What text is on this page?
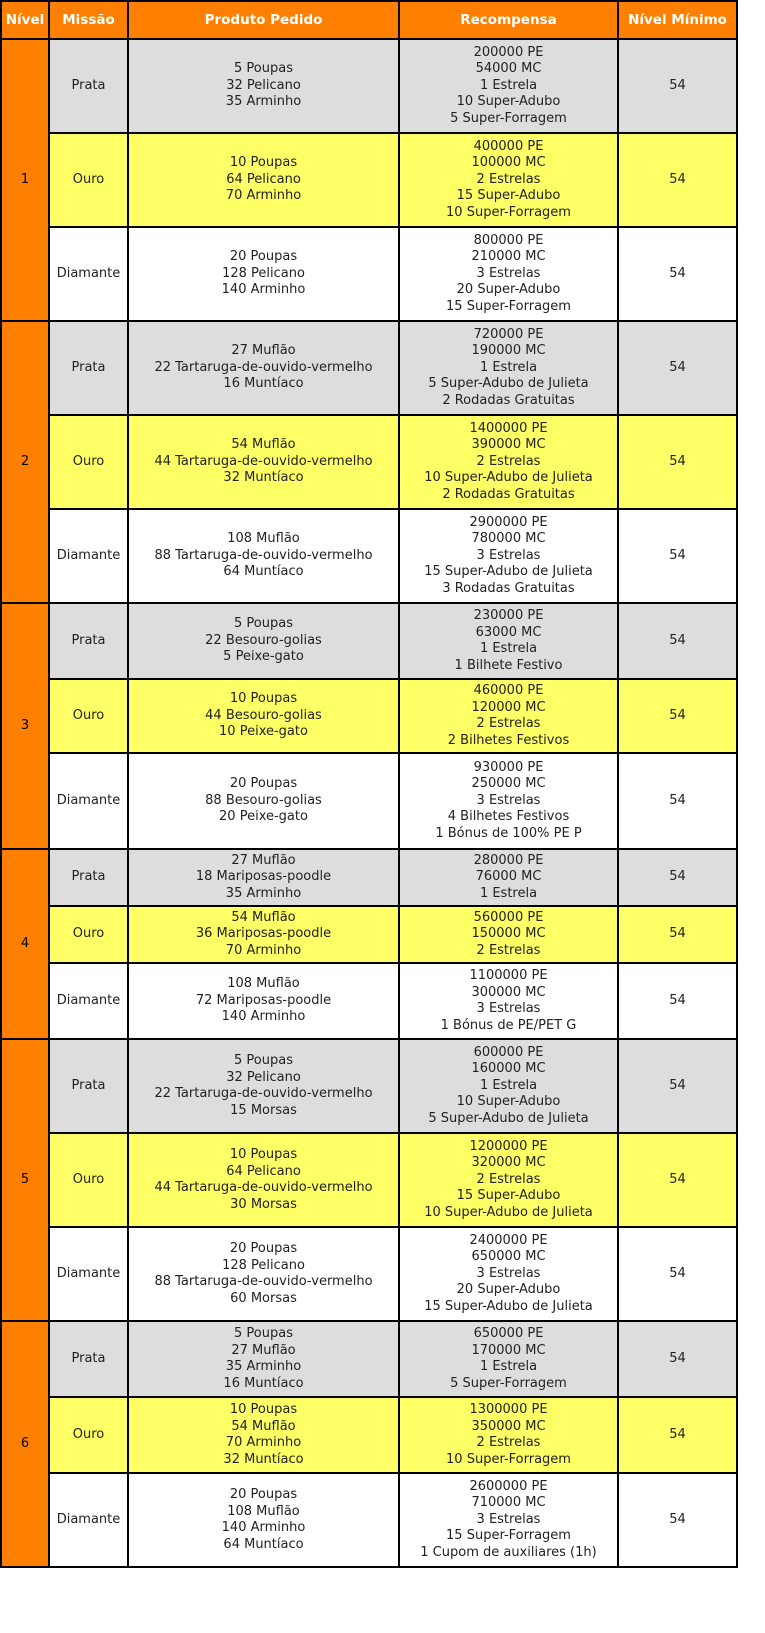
Nível	Missão	Produto Pedido	Recompensa	Nível Mínimo
1	Prata	5 Poupas
32 Pelicano
35 Arminho	200000 PE
54000 MC
1 Estrela
10 Super-Adubo
5 Super-Forragem	54
	Ouro	10 Poupas
64 Pelicano
70 Arminho	400000 PE
100000 MC
2 Estrelas
15 Super-Adubo
10 Super-Forragem	54
	Diamante	20 Poupas
128 Pelicano
140 Arminho	800000 PE
210000 MC
3 Estrelas
20 Super-Adubo
15 Super-Forragem	54
2	Prata	27 Muflão
22 Tartaruga-de-ouvido-vermelho
16 Muntíaco	720000 PE
190000 MC
1 Estrela
5 Super-Adubo de Julieta
2 Rodadas Gratuitas	54
	Ouro	54 Muflão
44 Tartaruga-de-ouvido-vermelho
32 Muntíaco	1400000 PE
390000 MC
2 Estrelas
10 Super-Adubo de Julieta
2 Rodadas Gratuitas	54
	Diamante	108 Muflão
88 Tartaruga-de-ouvido-vermelho
64 Muntíaco	2900000 PE
780000 MC
3 Estrelas
15 Super-Adubo de Julieta
3 Rodadas Gratuitas	54
3	Prata	5 Poupas
22 Besouro-golias
5 Peixe-gato	230000 PE
63000 MC
1 Estrela
1 Bilhete Festivo	54
	Ouro	10 Poupas
44 Besouro-golias
10 Peixe-gato	460000 PE
120000 MC
2 Estrelas
2 Bilhetes Festivos	54
	Diamante	20 Poupas
88 Besouro-golias
20 Peixe-gato	930000 PE
250000 MC
3 Estrelas
4 Bilhetes Festivos
1 Bónus de 100% PE P	54
4	Prata	27 Muflão
18 Mariposas-poodle
35 Arminho	280000 PE
76000 MC
1 Estrela	54
	Ouro	54 Muflão
36 Mariposas-poodle
70 Arminho	560000 PE
150000 MC
2 Estrelas	54
	Diamante	108 Muflão
72 Mariposas-poodle
140 Arminho	1100000 PE
300000 MC
3 Estrelas
1 Bónus de PE/PET G	54
5	Prata	5 Poupas
32 Pelicano
22 Tartaruga-de-ouvido-vermelho
15 Morsas	600000 PE
160000 MC
1 Estrela
10 Super-Adubo
5 Super-Adubo de Julieta	54
	Ouro	10 Poupas
64 Pelicano
44 Tartaruga-de-ouvido-vermelho
30 Morsas	1200000 PE
320000 MC
2 Estrelas
15 Super-Adubo
10 Super-Adubo de Julieta	54
	Diamante	20 Poupas
128 Pelicano
88 Tartaruga-de-ouvido-vermelho
60 Morsas	2400000 PE
650000 MC
3 Estrelas
20 Super-Adubo
15 Super-Adubo de Julieta	54
6	Prata	5 Poupas
27 Muflão
35 Arminho
16 Muntíaco	650000 PE
170000 MC
1 Estrela
5 Super-Forragem	54
	Ouro	10 Poupas
54 Muflão
70 Arminho
32 Muntíaco	1300000 PE
350000 MC
2 Estrelas
10 Super-Forragem	54
	Diamante	20 Poupas
108 Muflão
140 Arminho
64 Muntíaco	2600000 PE
710000 MC
3 Estrelas
15 Super-Forragem
1 Cupom de auxiliares (1h)	54
